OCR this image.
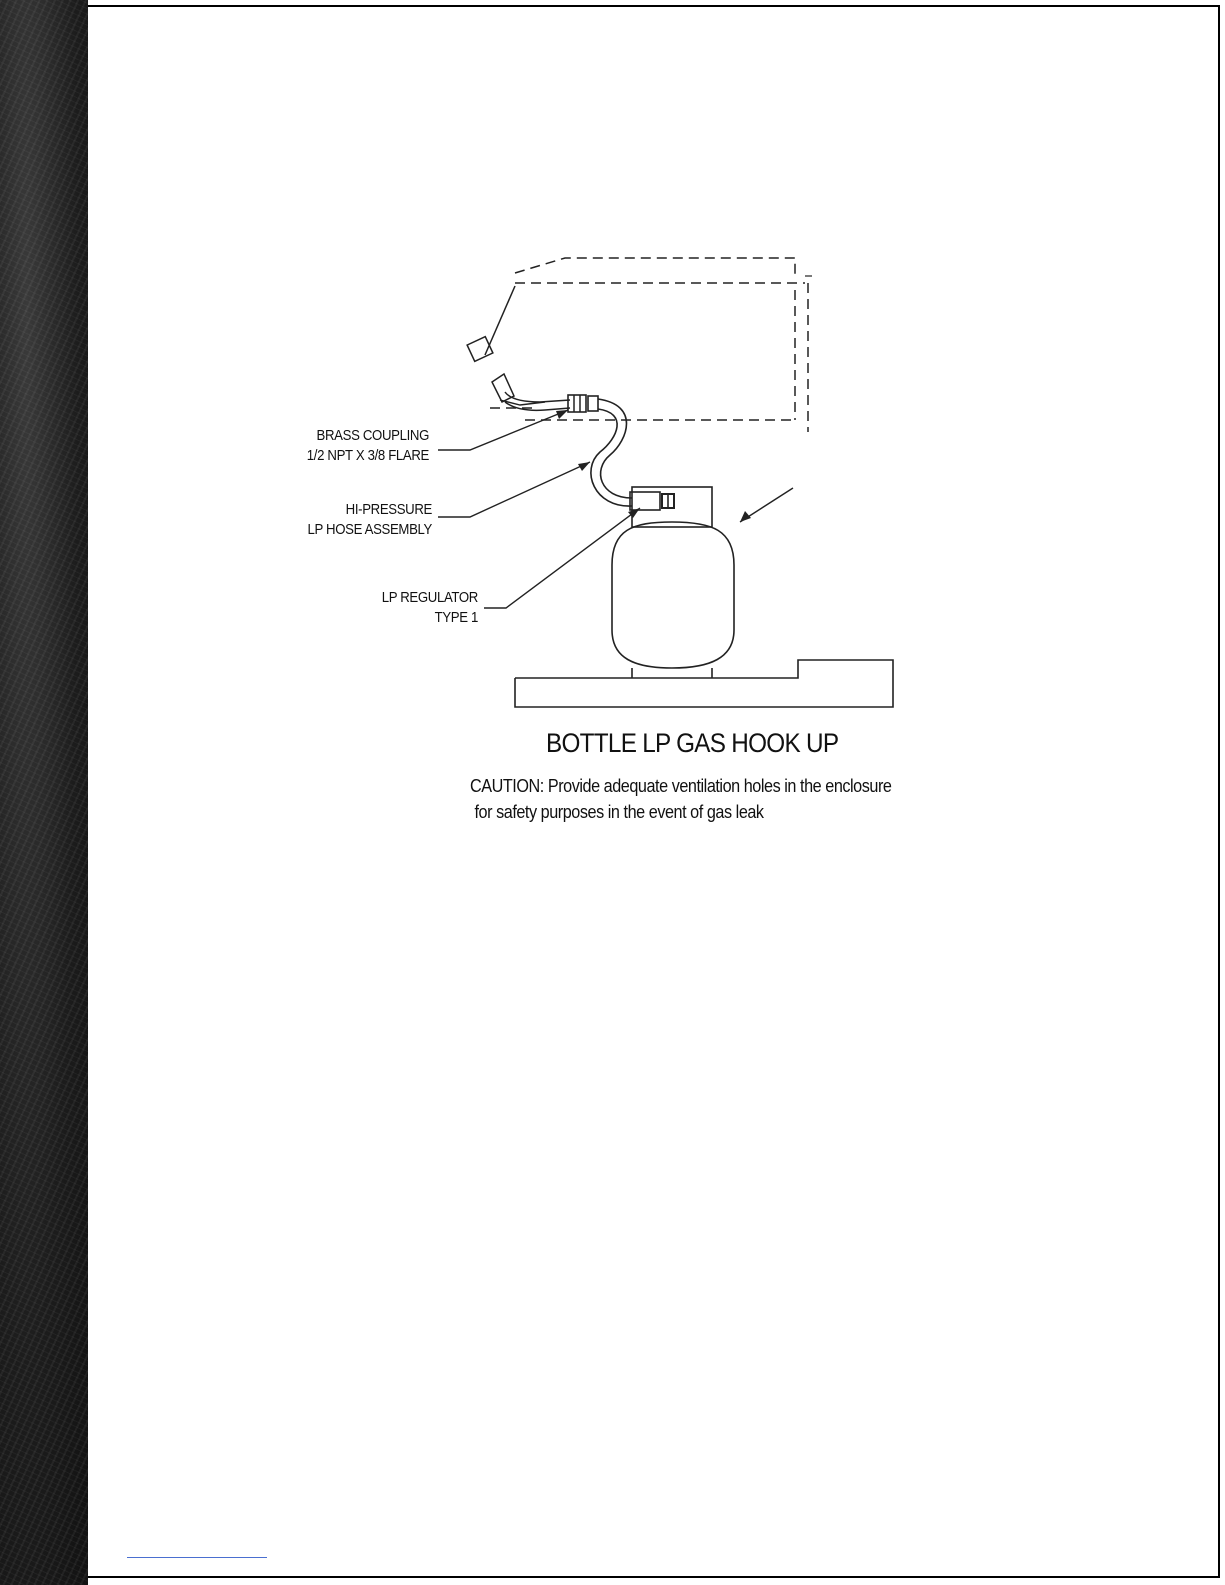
BRASS COUPLING
1/2 NPT X 3/8 FLARE
HI-PRESSURE
LP HOSE ASSEMBLY
LP REGULATOR
TYPE 1
BOTTLE LP GAS HOOK UP
CAUTION: Provide adequate ventilation holes in the enclosure
for safety purposes in the event of gas leak
